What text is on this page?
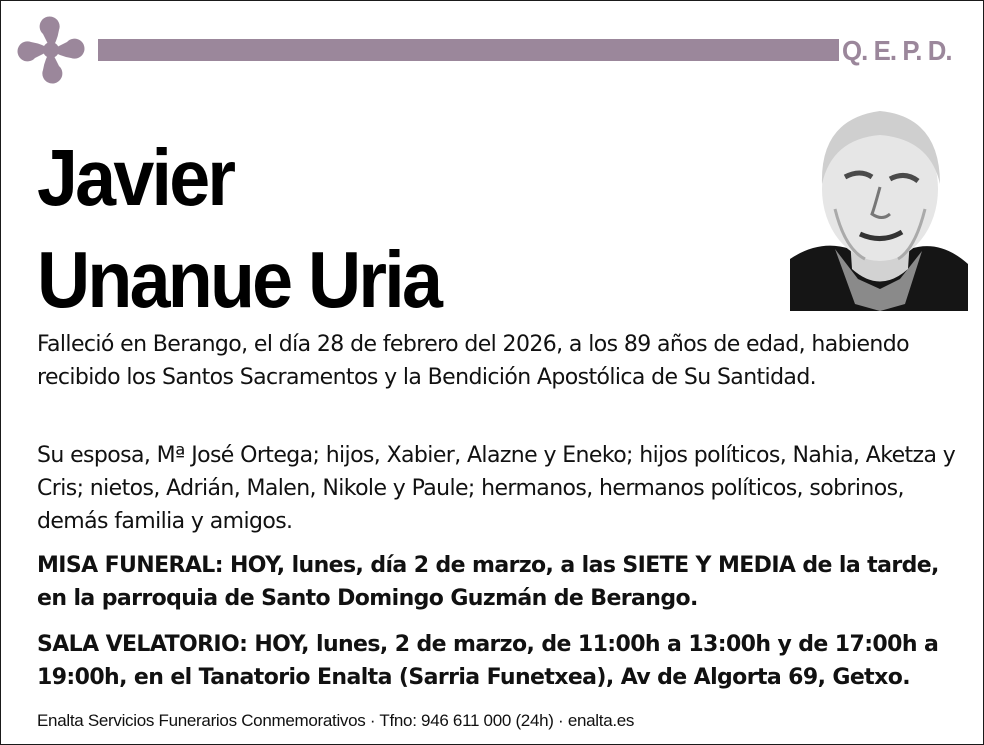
Q. E. P. D.
Javier
Unanue Uria
Falleció en Berango, el día 28 de febrero del 2026, a los 89 años de edad, habiendo recibido los Santos Sacramentos y la Bendición Apostólica de Su Santidad.
Su esposa, Mª José Ortega; hijos, Xabier, Alazne y Eneko; hijos políticos, Nahia, Aketza y Cris; nietos, Adrián, Malen, Nikole y Paule; hermanos, hermanos políticos, sobrinos, demás familia y amigos.
MISA FUNERAL: HOY, lunes, día 2 de marzo, a las SIETE Y MEDIA de la tarde, en la parroquia de Santo Domingo Guzmán de Berango.
SALA VELATORIO: HOY, lunes, 2 de marzo, de 11:00h a 13:00h y de 17:00h a 19:00h, en el Tanatorio Enalta (Sarria Funetxea), Av de Algorta 69, Getxo.
Enalta Servicios Funerarios Conmemorativos · Tfno: 946 611 000 (24h) · enalta.es
